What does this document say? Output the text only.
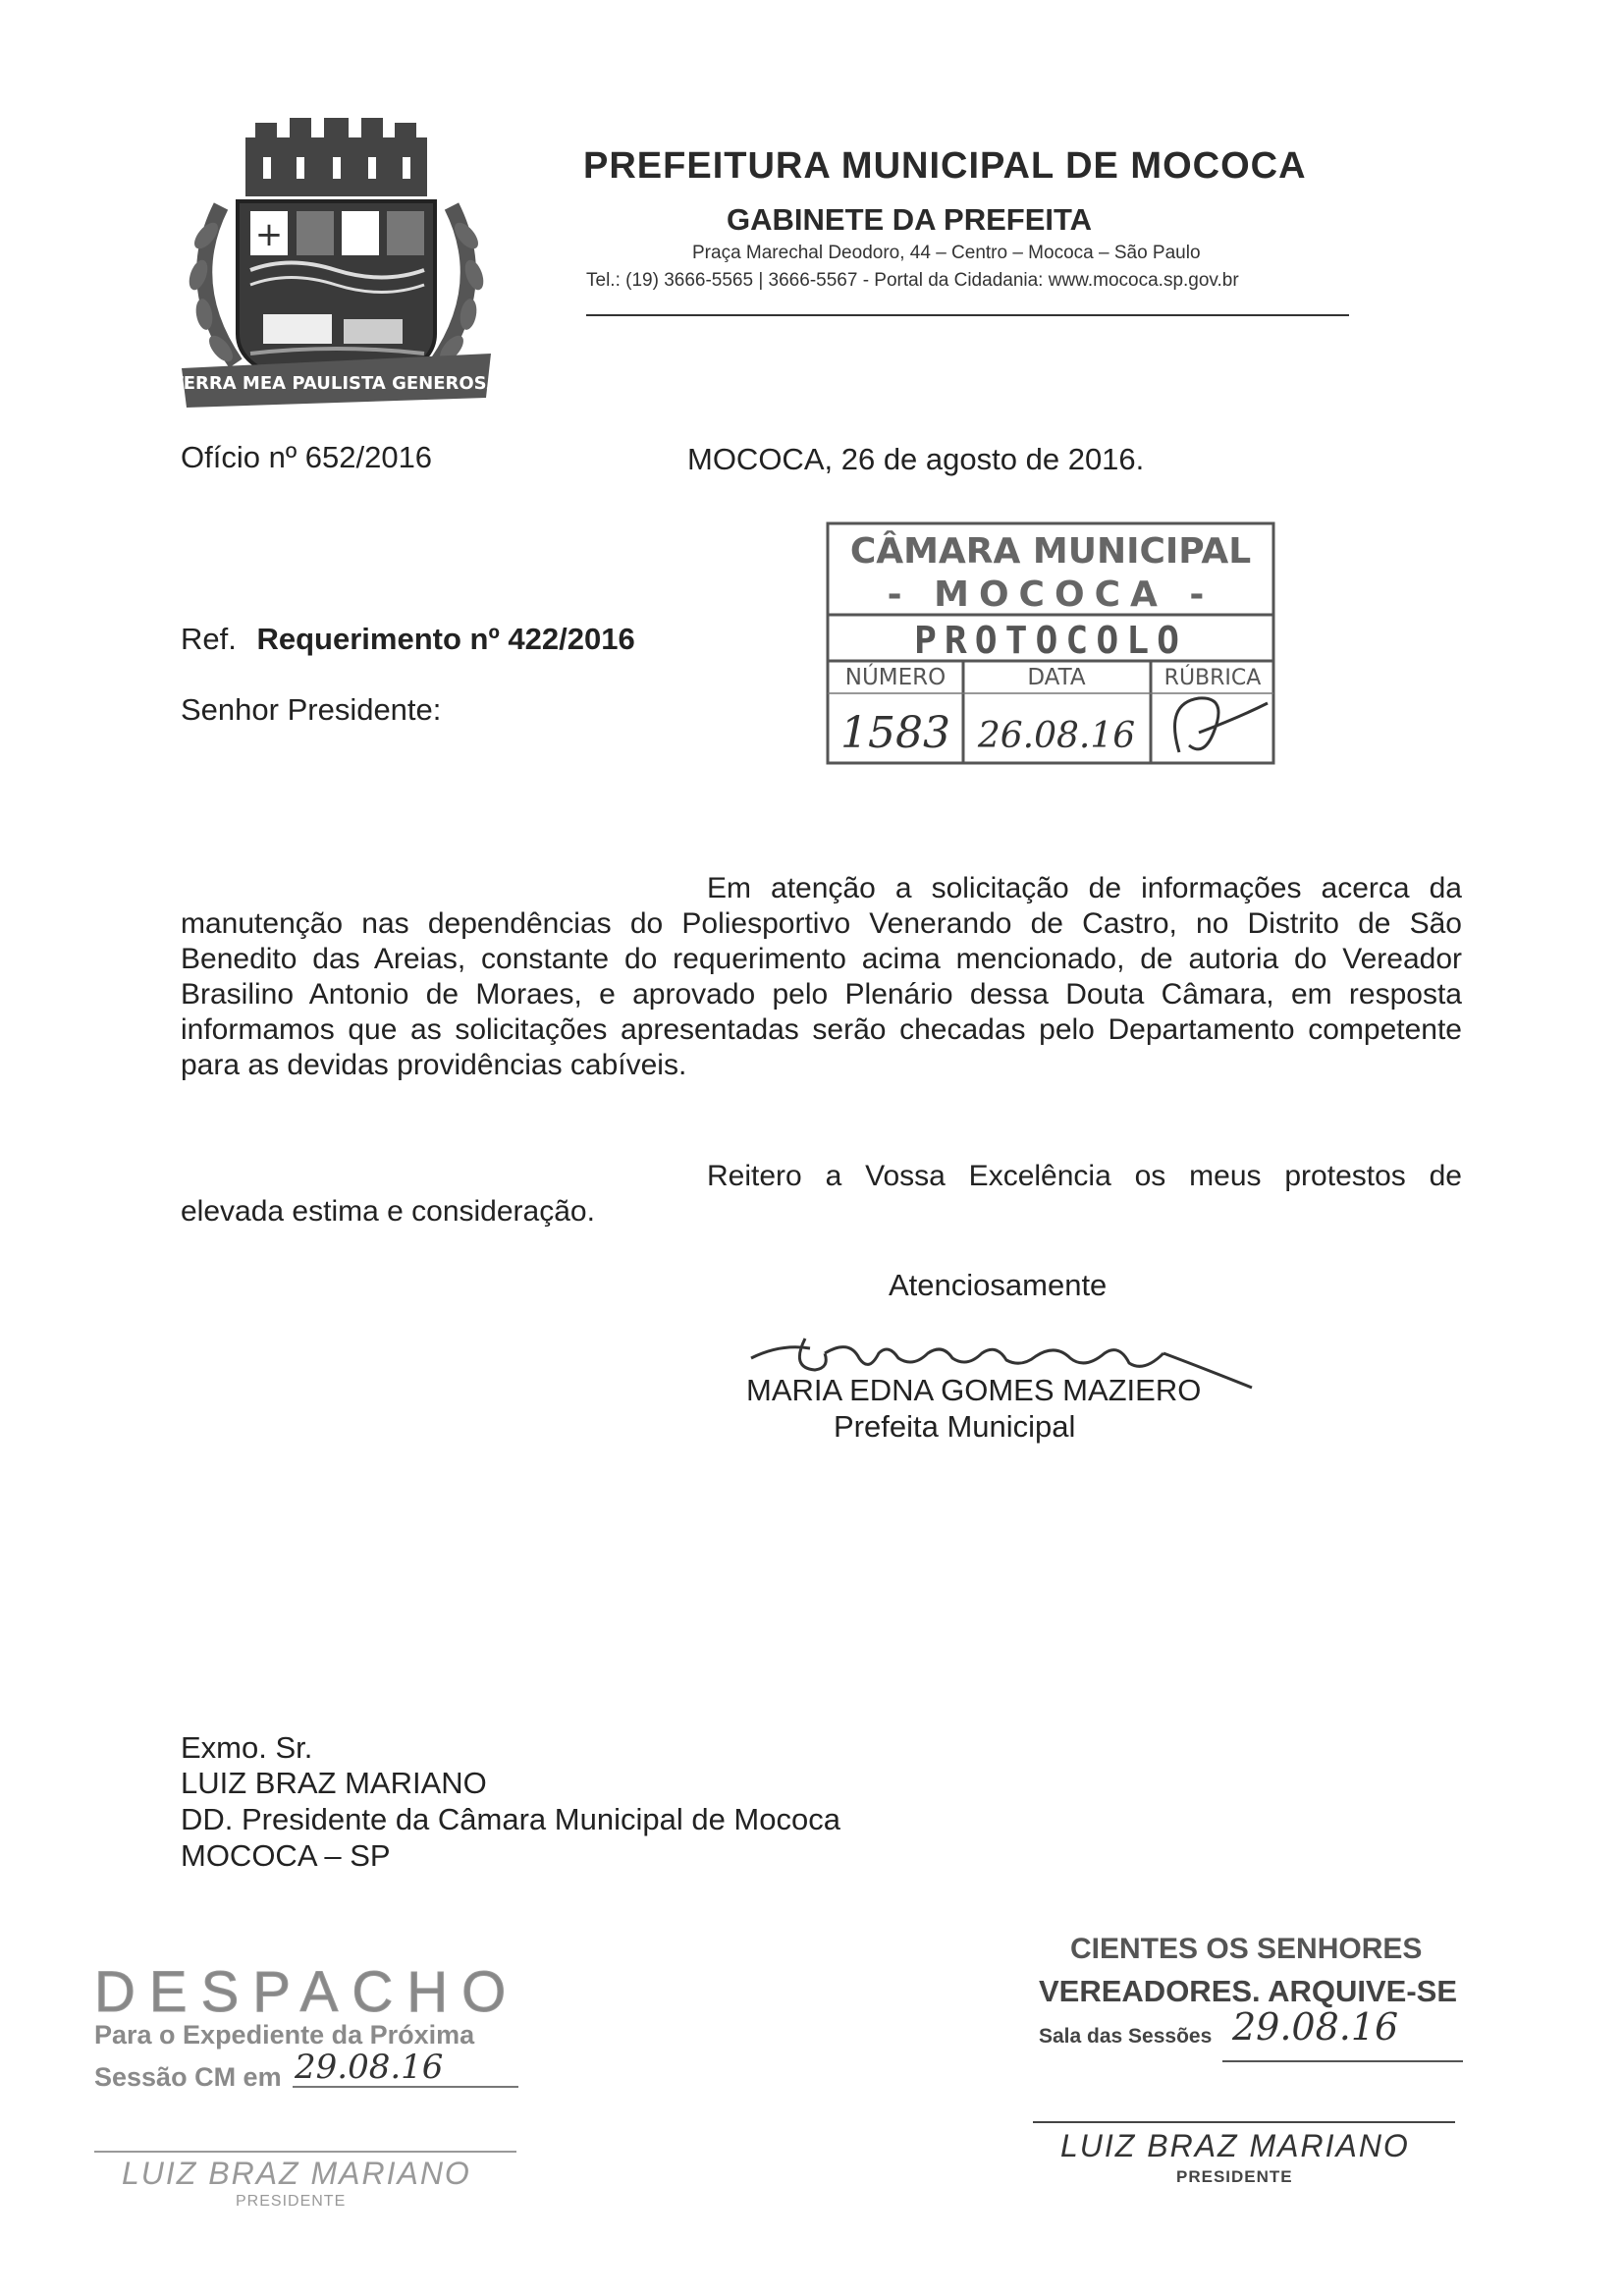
+
TERRA MEA PAULISTA GENEROSA
PREFEITURA MUNICIPAL DE MOCOCA
GABINETE DA PREFEITA
Praça Marechal Deodoro, 44 – Centro – Mococa – São Paulo
Tel.: (19) 3666-5565 | 3666-5567 - Portal da Cidadania: www.mococa.sp.gov.br
Ofício nº 652/2016	MOCOCA, 26 de agosto de 2016.
Ref. Requerimento nº 422/2016
Senhor Presidente:
CÂMARA MUNICIPAL
- MOCOCA -
PROTOCOLO
NÚMERO	DATA	RÚBRICA
1583 26.08.16

Em atenção a solicitação de informações acerca da manutenção nas dependências do Poliesportivo Venerando de Castro, no Distrito de São Benedito das Areias, constante do requerimento acima mencionado, de autoria do Vereador Brasilino Antonio de Moraes, e aprovado pelo Plenário dessa Douta Câmara, em resposta informamos que as solicitações apresentadas serão checadas pelo Departamento competente para as devidas providências cabíveis.

Reitero a Vossa Excelência os meus protestos de elevada estima e consideração.

Atenciosamente
MARIA EDNA GOMES MAZIERO
Prefeita Municipal
Exmo. Sr.
LUIZ BRAZ MARIANO
DD. Presidente da Câmara Municipal de Mococa
MOCOCA – SP
DESPACHO
Para o Expediente da Próxima
Sessão CM em 29.08.16
LUIZ BRAZ MARIANO
PRESIDENTE
CIENTES OS SENHORES
VEREADORES. ARQUIVE-SE
Sala das Sessões 29.08.16
LUIZ BRAZ MARIANO
PRESIDENTE
